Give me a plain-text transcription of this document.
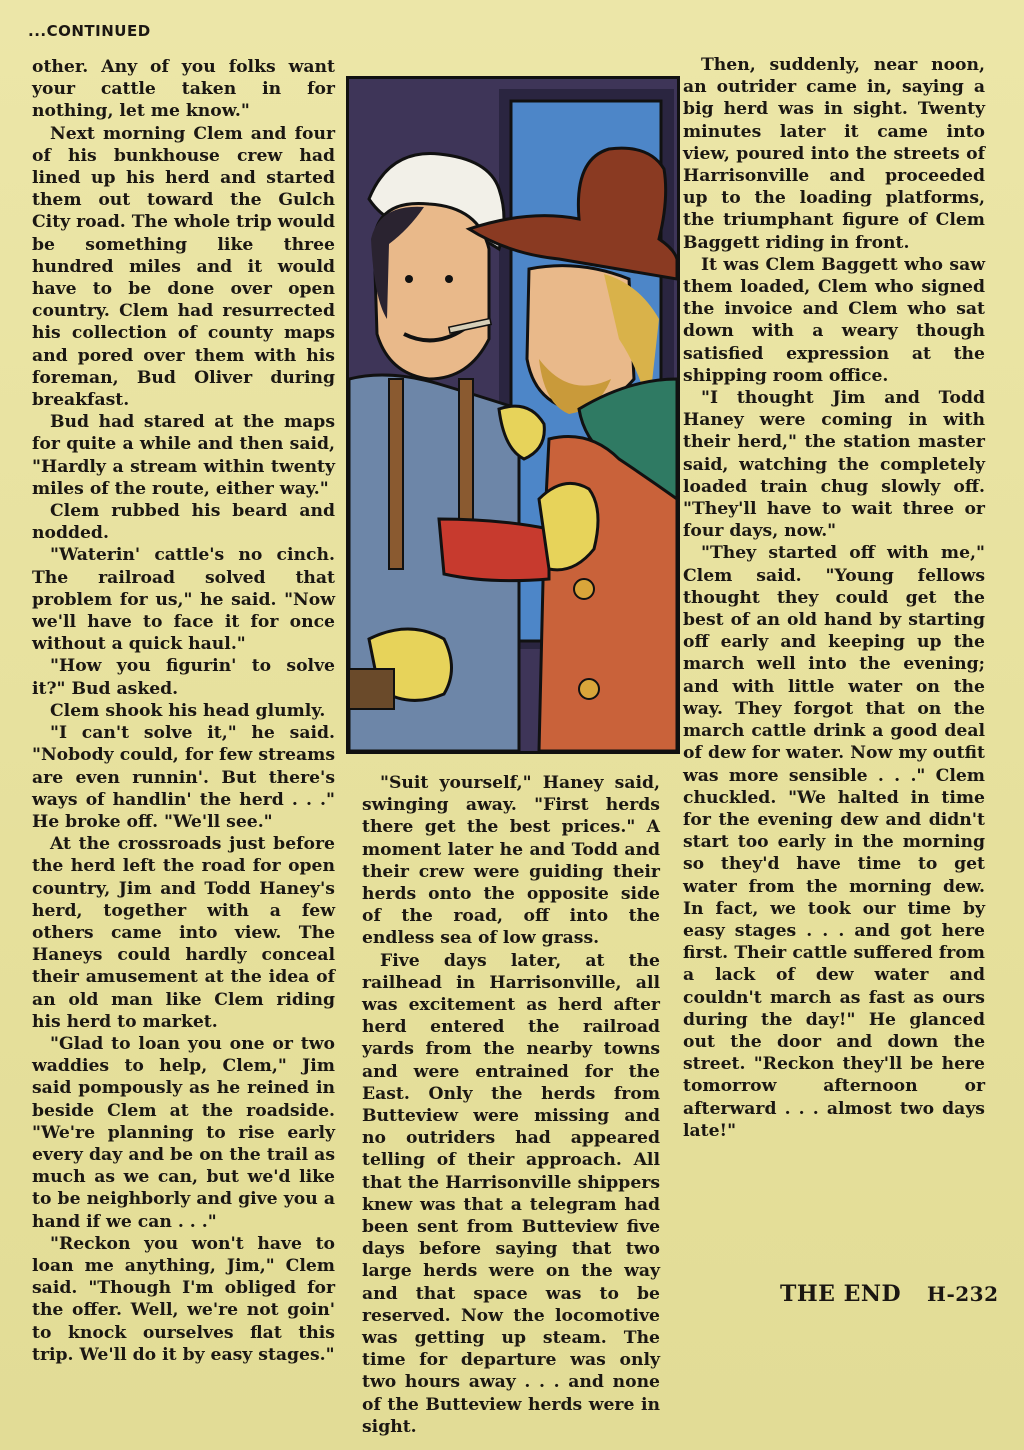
...CONTINUED

other. Any of you folks want your cattle taken in for nothing, let me know."

Next morning Clem and four of his bunkhouse crew had lined up his herd and started them out toward the Gulch City road. The whole trip would be something like three hundred miles and it would have to be done over open country. Clem had resurrected his collection of county maps and pored over them with his foreman, Bud Oliver during breakfast.

Bud had stared at the maps for quite a while and then said, "Hardly a stream within twenty miles of the route, either way."

Clem rubbed his beard and nodded.

"Waterin' cattle's no cinch. The railroad solved that problem for us," he said. "Now we'll have to face it for once without a quick haul."

"How you figurin' to solve it?" Bud asked.

Clem shook his head glumly.

"I can't solve it," he said. "Nobody could, for few streams are even runnin'. But there's ways of handlin' the herd . . ." He broke off. "We'll see."

At the crossroads just before the herd left the road for open country, Jim and Todd Haney's herd, together with a few others came into view. The Haneys could hardly conceal their amusement at the idea of an old man like Clem riding his herd to market.

"Glad to loan you one or two waddies to help, Clem," Jim said pompously as he reined in beside Clem at the roadside. "We're planning to rise early every day and be on the trail as much as we can, but we'd like to be neighborly and give you a hand if we can . . ."

"Reckon you won't have to loan me anything, Jim," Clem said. "Though I'm obliged for the offer. Well, we're not goin' to knock ourselves flat this trip. We'll do it by easy stages."

"Suit yourself," Haney said, swinging away. "First herds there get the best prices." A moment later he and Todd and their crew were guiding their herds onto the opposite side of the road, off into the endless sea of low grass.

Five days later, at the railhead in Harrisonville, all was excitement as herd after herd entered the railroad yards from the nearby towns and were entrained for the East. Only the herds from Butteview were missing and no outriders had appeared telling of their approach. All that the Harrisonville shippers knew was that a telegram had been sent from Butteview five days before saying that two large herds were on the way and that space was to be reserved. Now the locomotive was getting up steam. The time for departure was only two hours away . . . and none of the Butteview herds were in sight.

Then, suddenly, near noon, an outrider came in, saying a big herd was in sight. Twenty minutes later it came into view, poured into the streets of Harrisonville and proceeded up to the loading platforms, the triumphant figure of Clem Baggett riding in front.

It was Clem Baggett who saw them loaded, Clem who signed the invoice and Clem who sat down with a weary though satisfied expression at the shipping room office.

"I thought Jim and Todd Haney were coming in with their herd," the station master said, watching the completely loaded train chug slowly off. "They'll have to wait three or four days, now."

"They started off with me," Clem said. "Young fellows thought they could get the best of an old hand by starting off early and keeping up the march well into the evening; and with little water on the way. They forgot that on the march cattle drink a good deal of dew for water. Now my outfit was more sensible . . ." Clem chuckled. "We halted in time for the evening dew and didn't start too early in the morning so they'd have time to get water from the morning dew. In fact, we took our time by easy stages . . . and got here first. Their cattle suffered from a lack of dew water and couldn't march as fast as ours during the day!" He glanced out the door and down the street. "Reckon they'll be here tomorrow afternoon or afterward . . . almost two days late!"

THE END H-232
